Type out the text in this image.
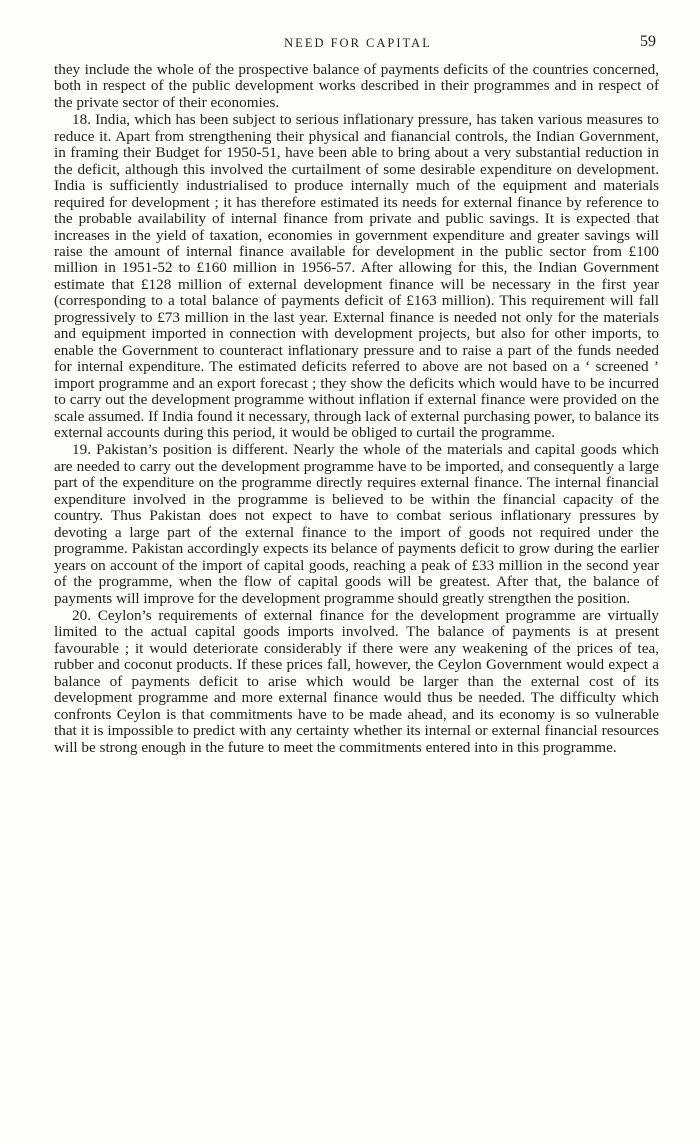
NEED FOR CAPITAL	59

they include the whole of the prospective balance of payments deficits of the countries concerned, both in respect of the public development works described in their programmes and in respect of the private sector of their economies.

18. India, which has been subject to serious inflationary pressure, has taken various measures to reduce it. Apart from strengthening their physical and fianancial controls, the Indian Government, in framing their Budget for 1950-51, have been able to bring about a very substantial reduction in the deficit, although this involved the curtailment of some desirable expenditure on development. India is sufficiently industrialised to produce internally much of the equipment and materials required for development ; it has therefore estimated its needs for external finance by reference to the probable availability of internal finance from private and public savings. It is expected that increases in the yield of taxation, economies in government expenditure and greater savings will raise the amount of internal finance available for development in the public sector from £100 million in 1951-52 to £160 million in 1956-57. After allowing for this, the Indian Government estimate that £128 million of external development finance will be necessary in the first year (corresponding to a total balance of payments deficit of £163 million). This requirement will fall progressively to £73 million in the last year. External finance is needed not only for the materials and equipment imported in connection with development projects, but also for other imports, to enable the Government to counteract inflationary pressure and to raise a part of the funds needed for internal expenditure. The estimated deficits referred to above are not based on a ‘ screened ’ import programme and an export forecast ; they show the deficits which would have to be incurred to carry out the development programme without inflation if external finance were provided on the scale assumed. If India found it necessary, through lack of external purchasing power, to balance its external accounts during this period, it would be obliged to curtail the programme.

19. Pakistan’s position is different. Nearly the whole of the materials and capital goods which are needed to carry out the development programme have to be imported, and consequently a large part of the expenditure on the programme directly requires external finance. The internal financial expenditure involved in the programme is believed to be within the financial capacity of the country. Thus Pakistan does not expect to have to combat serious inflationary pressures by devoting a large part of the external finance to the import of goods not required under the programme. Pakistan accordingly expects its belance of payments deficit to grow during the earlier years on account of the import of capital goods, reaching a peak of £33 million in the second year of the programme, when the flow of capital goods will be greatest. After that, the balance of payments will improve for the development programme should greatly strengthen the position.

20. Ceylon’s requirements of external finance for the development programme are virtually limited to the actual capital goods imports involved. The balance of payments is at present favourable ; it would deteriorate considerably if there were any weakening of the prices of tea, rubber and coconut products. If these prices fall, however, the Ceylon Government would expect a balance of payments deficit to arise which would be larger than the external cost of its development programme and more external finance would thus be needed. The difficulty which confronts Ceylon is that commitments have to be made ahead, and its economy is so vulnerable that it is impossible to predict with any certainty whether its internal or external financial resources will be strong enough in the future to meet the commitments entered into in this programme.
